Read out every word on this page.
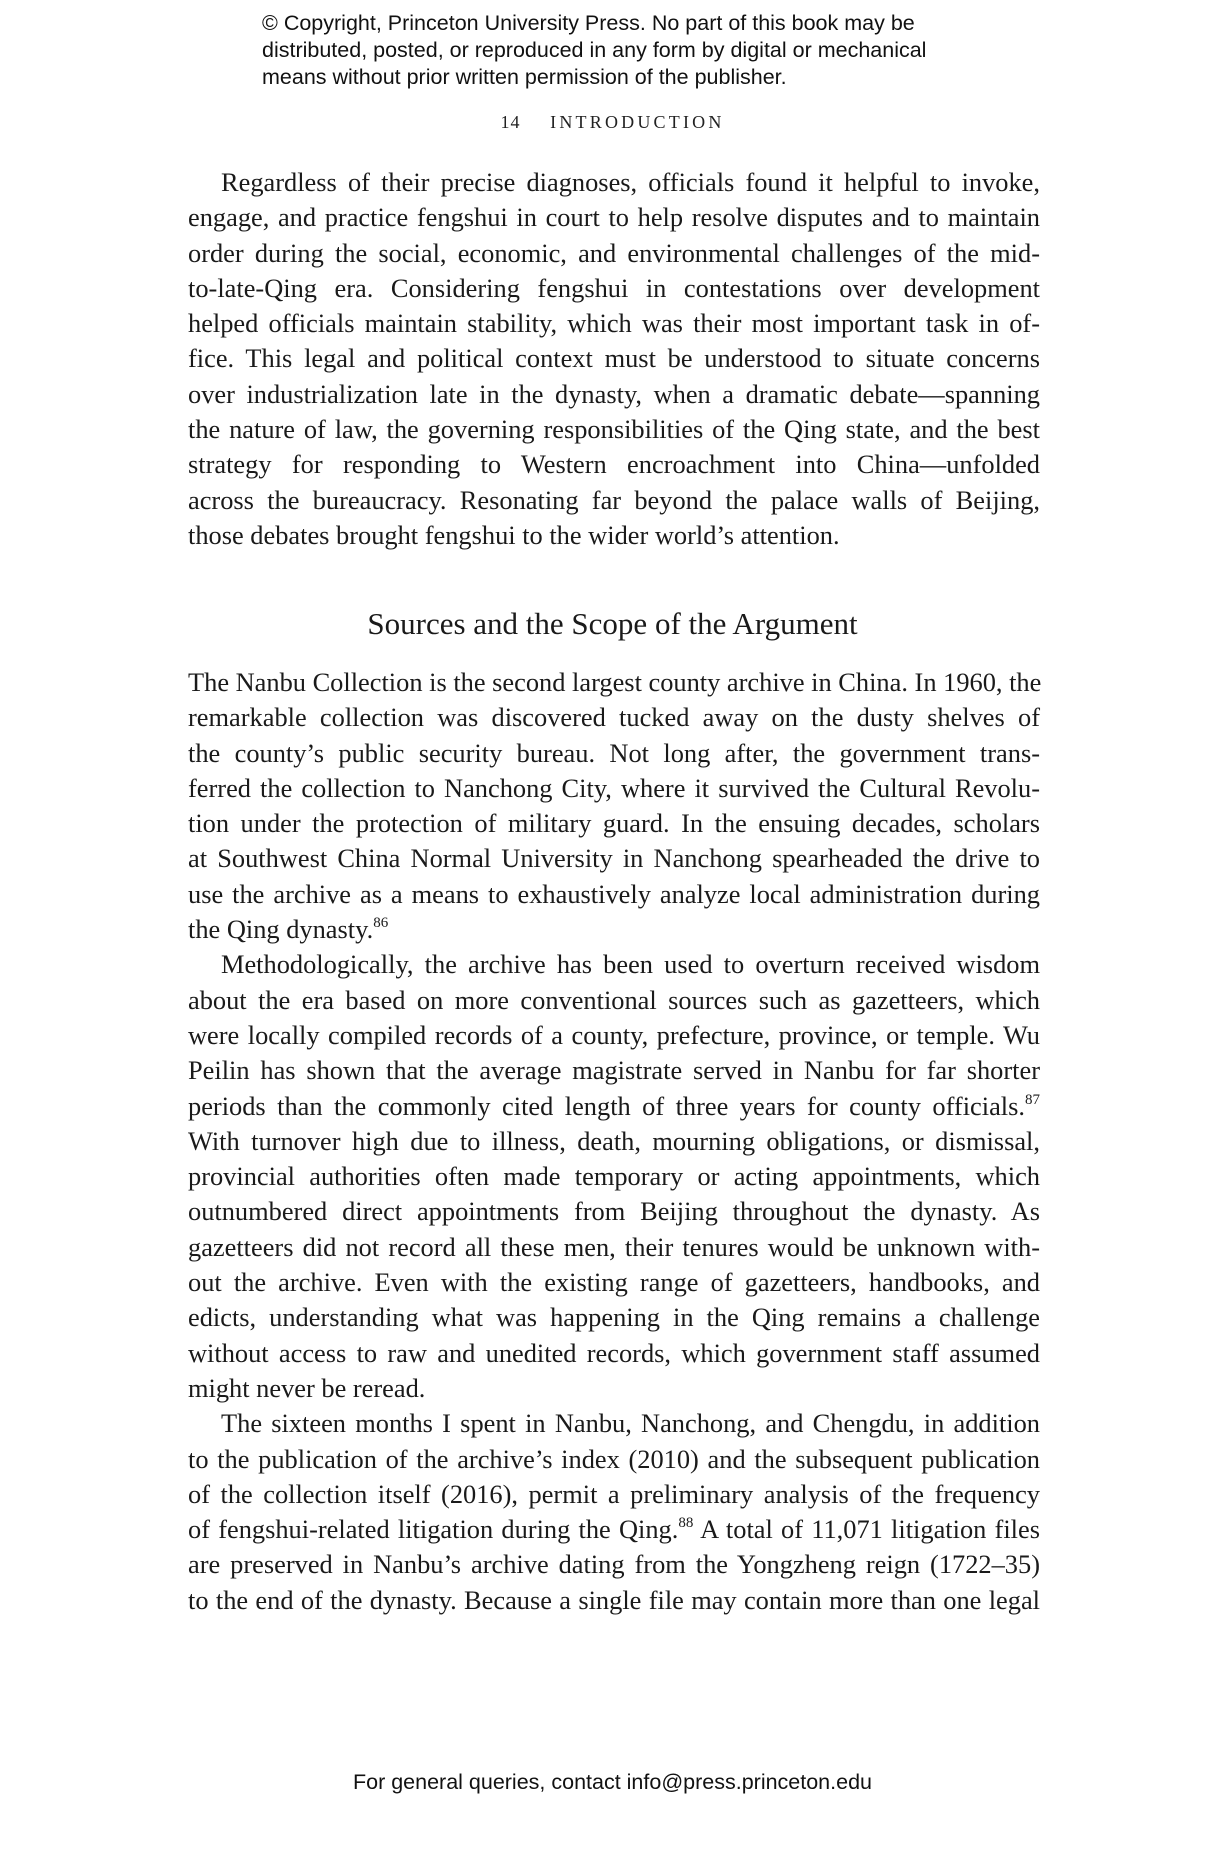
© Copyright, Princeton University Press. No part of this book may be
distributed, posted, or reproduced in any form by digital or mechanical
means without prior written permission of the publisher.
14 INTRODUCTION
Regardless of their precise diagnoses, officials found it helpful to invoke,
engage, and practice fengshui in court to help resolve disputes and to maintain
order during the social, economic, and environmental challenges of the mid-
to-late-Qing era. Considering fengshui in contestations over development
helped officials maintain stability, which was their most important task in of-
fice. This legal and political context must be understood to situate concerns
over industrialization late in the dynasty, when a dramatic debate—spanning
the nature of law, the governing responsibilities of the Qing state, and the best
strategy for responding to Western encroachment into China—unfolded
across the bureaucracy. Resonating far beyond the palace walls of Beijing,
those debates brought fengshui to the wider world’s attention.
Sources and the Scope of the Argument
The Nanbu Collection is the second largest county archive in China. In 1960, the
remarkable collection was discovered tucked away on the dusty shelves of
the county’s public security bureau. Not long after, the government trans-
ferred the collection to Nanchong City, where it survived the Cultural Revolu-
tion under the protection of military guard. In the ensuing decades, scholars
at Southwest China Normal University in Nanchong spearheaded the drive to
use the archive as a means to exhaustively analyze local administration during
the Qing dynasty.$^{86}$
Methodologically, the archive has been used to overturn received wisdom
about the era based on more conventional sources such as gazetteers, which
were locally compiled records of a county, prefecture, province, or temple. Wu
Peilin has shown that the average magistrate served in Nanbu for far shorter
periods than the commonly cited length of three years for county officials.$^{87}$
With turnover high due to illness, death, mourning obligations, or dismissal,
provincial authorities often made temporary or acting appointments, which
outnumbered direct appointments from Beijing throughout the dynasty. As
gazetteers did not record all these men, their tenures would be unknown with-
out the archive. Even with the existing range of gazetteers, handbooks, and
edicts, understanding what was happening in the Qing remains a challenge
without access to raw and unedited records, which government staff assumed
might never be reread.
The sixteen months I spent in Nanbu, Nanchong, and Chengdu, in addition
to the publication of the archive’s index (2010) and the subsequent publication
of the collection itself (2016), permit a preliminary analysis of the frequency
of fengshui-related litigation during the Qing.$^{88}$ A total of 11,071 litigation files
are preserved in Nanbu’s archive dating from the Yongzheng reign (1722–35)
to the end of the dynasty. Because a single file may contain more than one legal
For general queries, contact info@press.princeton.edu
